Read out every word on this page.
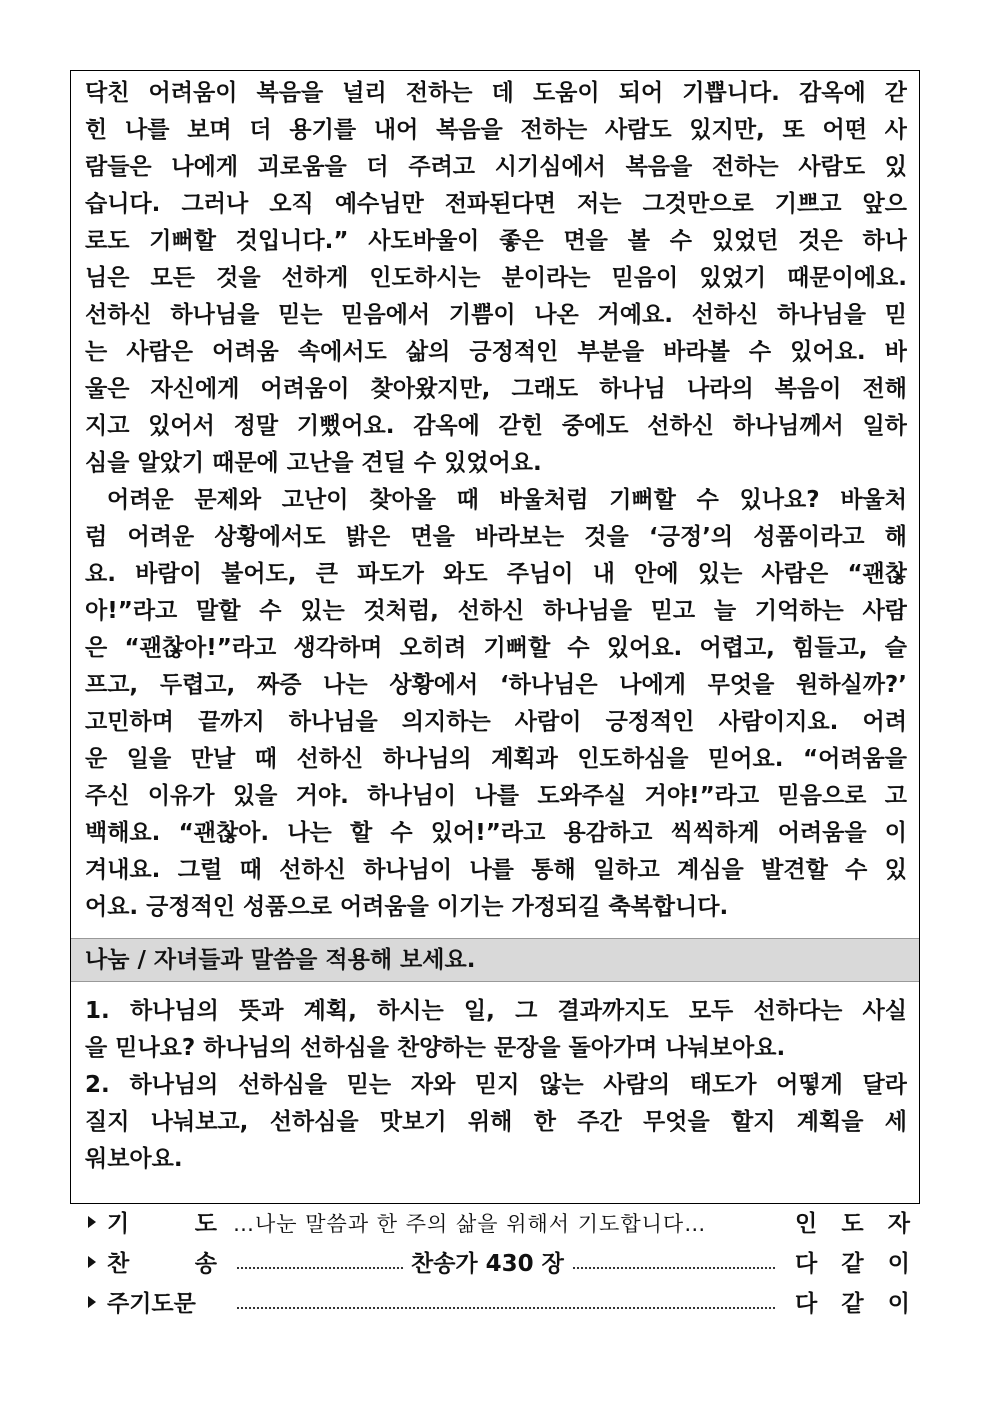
닥친 어려움이 복음을 널리 전하는 데 도움이 되어 기쁩니다. 감옥에 갇
힌 나를 보며 더 용기를 내어 복음을 전하는 사람도 있지만, 또 어떤 사
람들은 나에게 괴로움을 더 주려고 시기심에서 복음을 전하는 사람도 있
습니다. 그러나 오직 예수님만 전파된다면 저는 그것만으로 기쁘고 앞으
로도 기뻐할 것입니다.” 사도바울이 좋은 면을 볼 수 있었던 것은 하나
님은 모든 것을 선하게 인도하시는 분이라는 믿음이 있었기 때문이에요.
선하신 하나님을 믿는 믿음에서 기쁨이 나온 거예요. 선하신 하나님을 믿
는 사람은 어려움 속에서도 삶의 긍정적인 부분을 바라볼 수 있어요. 바
울은 자신에게 어려움이 찾아왔지만, 그래도 하나님 나라의 복음이 전해
지고 있어서 정말 기뻤어요. 감옥에 갇힌 중에도 선하신 하나님께서 일하
심을 알았기 때문에 고난을 견딜 수 있었어요.
어려운 문제와 고난이 찾아올 때 바울처럼 기뻐할 수 있나요? 바울처
럼 어려운 상황에서도 밝은 면을 바라보는 것을 ‘긍정’의 성품이라고 해
요. 바람이 불어도, 큰 파도가 와도 주님이 내 안에 있는 사람은 “괜찮
아!”라고 말할 수 있는 것처럼, 선하신 하나님을 믿고 늘 기억하는 사람
은 “괜찮아!”라고 생각하며 오히려 기뻐할 수 있어요. 어렵고, 힘들고, 슬
프고, 두렵고, 짜증 나는 상황에서 ‘하나님은 나에게 무엇을 원하실까?’
고민하며 끝까지 하나님을 의지하는 사람이 긍정적인 사람이지요. 어려
운 일을 만날 때 선하신 하나님의 계획과 인도하심을 믿어요. “어려움을
주신 이유가 있을 거야. 하나님이 나를 도와주실 거야!”라고 믿음으로 고
백해요. “괜찮아. 나는 할 수 있어!”라고 용감하고 씩씩하게 어려움을 이
겨내요. 그럴 때 선하신 하나님이 나를 통해 일하고 계심을 발견할 수 있
어요. 긍정적인 성품으로 어려움을 이기는 가정되길 축복합니다.
나눔 / 자녀들과 말씀을 적용해 보세요.
1. 하나님의 뜻과 계획, 하시는 일, 그 결과까지도 모두 선하다는 사실
을 믿나요? 하나님의 선하심을 찬양하는 문장을 돌아가며 나눠보아요.
2. 하나님의 선하심을 믿는 자와 믿지 않는 사람의 태도가 어떻게 달라
질지 나눠보고, 선하심을 맛보기 위해 한 주간 무엇을 할지 계획을 세
워보아요.
기 도 …나눈 말씀과 한 주의 삶을 위해서 기도합니다…	인 도 자
찬 송	찬송가 430 장	다 같 이
주기도문	다 같 이
